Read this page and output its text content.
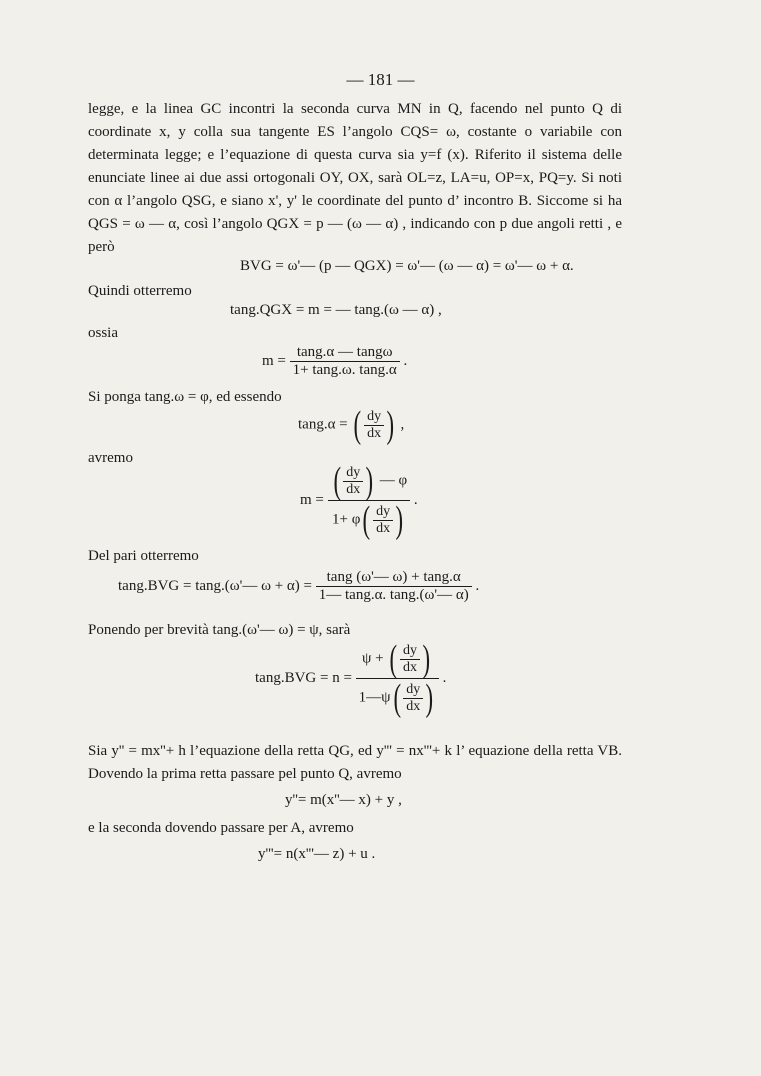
— 181 —
legge, e la linea GC incontri la seconda curva MN in Q, facendo nel punto Q di coordinate x, y colla sua tangente ES l’angolo CQS= ω, costante o variabile con determinata legge; e l’equazione di questa curva sia y=f (x). Riferito il sistema delle enunciate linee ai due assi ortogonali OY, OX, sarà OL=z, LA=u, OP=x, PQ=y. Si noti con α l’angolo QSG, e siano x', y' le coordinate del punto d’ incontro B. Siccome si ha QGS = ω — α, così l’angolo QGX = p — (ω — α) , indicando con p due angoli retti , e però
BVG = ω'— (p — QGX) = ω'— (ω — α) = ω'— ω + α.
Quindi otterremo
tang.QGX = m = — tang.(ω — α) ,
ossia
$m = \frac{\tan g.\alpha — \tan g\omega}{1+ \tan g.\omega. \tan g.\alpha}$ .
Si ponga tang.ω = φ, ed essendo
tang.α = ( $\frac{dy}{dx}$ ) ,
avremo
$m = \frac{( \frac{dy}{dx} ) — \varphi}{1+ \varphi( \frac{dy}{dx} )}$ .
Del pari otterremo
tang.BVG = tang.(ω'— $\omega + \alpha) = \frac{\tan g (\omega'— \omega) + \tan g.\alpha}{1— \tan g.\alpha. \tan g.(\omega'— \alpha)}$ .
Ponendo per brevità tang.(ω'— ω) = ψ, sarà
$\tan g.BVG = n = \frac{\psi + ( \frac{dy}{dx} )}{1—\psi( \frac{dy}{dx} )}$ .
Sia y'' = mx''+ h l’equazione della retta QG, ed y''' = nx'''+ k l’ equazione della retta VB. Dovendo la prima retta passare pel punto Q, avremo
y''= m(x''— x) + y ,
e la seconda dovendo passare per A, avremo
y'''= n(x'''— z) + u .
